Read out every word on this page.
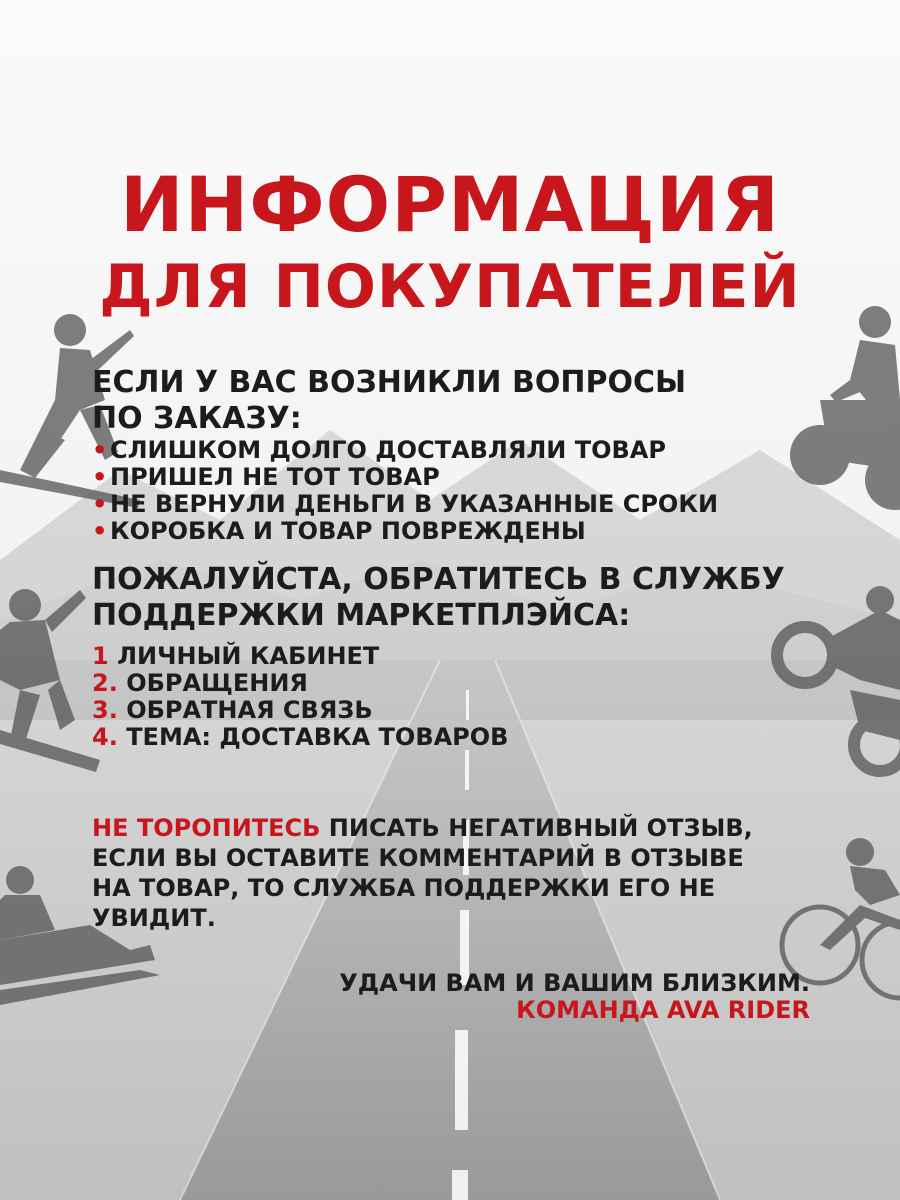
ИНФОРМАЦИЯ
ДЛЯ ПОКУПАТЕЛЕЙ
ЕСЛИ У ВАС ВОЗНИКЛИ ВОПРОСЫ
ПО ЗАКАЗУ:
• СЛИШКОМ ДОЛГО ДОСТАВЛЯЛИ ТОВАР
• ПРИШЕЛ НЕ ТОТ ТОВАР
• НЕ ВЕРНУЛИ ДЕНЬГИ В УКАЗАННЫЕ СРОКИ
• КОРОБКА И ТОВАР ПОВРЕЖДЕНЫ
ПОЖАЛУЙСТА, ОБРАТИТЕСЬ В СЛУЖБУ
ПОДДЕРЖКИ МАРКЕТПЛЭЙСА:
1 ЛИЧНЫЙ КАБИНЕТ
2. ОБРАЩЕНИЯ
3. ОБРАТНАЯ СВЯЗЬ
4. ТЕМА: ДОСТАВКА ТОВАРОВ
НЕ ТОРОПИТЕСЬ ПИСАТЬ НЕГАТИВНЫЙ ОТЗЫВ,
ЕСЛИ ВЫ ОСТАВИТЕ КОММЕНТАРИЙ В ОТЗЫВЕ
НА ТОВАР, ТО СЛУЖБА ПОДДЕРЖКИ ЕГО НЕ
УВИДИТ.
УДАЧИ ВАМ И ВАШИМ БЛИЗКИМ.
КОМАНДА AVA RIDER
